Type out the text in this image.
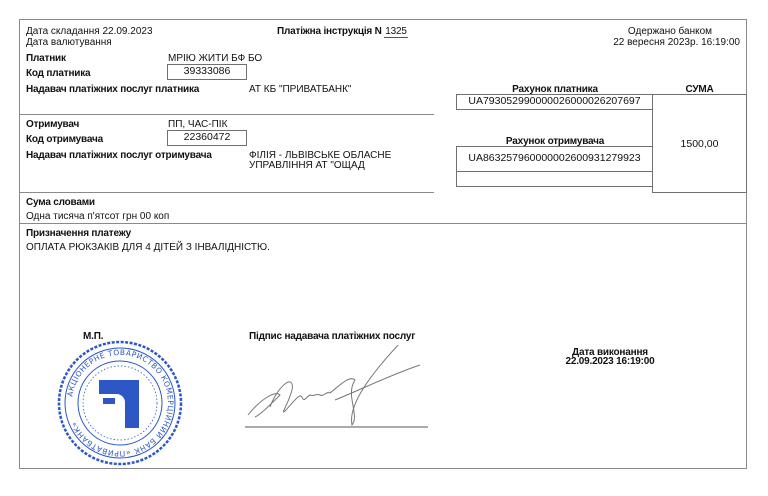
Дата складання 22.09.2023
Дата валютування
Платіжна інструкція N 1325	Одержано банком
22 вересня 2023р. 16:19:00
Платник	МРІЮ ЖИТИ БФ БО
Код платника	39333086
Надавач платіжних послуг платника	АТ КБ "ПРИВАТБАНК"	Рахунок платника
UA793052990000026000026207697
СУМА
1500,00
Отримувач	ПП, ЧАС-ПІК
Код отримувача	22360472
Надавач платіжних послуг отримувача	ФІЛІЯ - ЛЬВІВСЬКЕ ОБЛАСНЕ
УПРАВЛІННЯ АТ "ОЩАД
Рахунок отримувача
UA863257960000002600931279923
Сума словами
Одна тисяча п'ятсот грн 00 коп
Призначення платежу
ОПЛАТА РЮКЗАКІВ ДЛЯ 4 ДІТЕЙ З ІНВАЛІДНІСТЮ.
М.П.	Підпис надавача платіжних послуг
Дата виконання
22.09.2023 16:19:00
АКЦІОНЕРНЕ ТОВАРИСТВО КОМЕРЦІЙНИЙ БАНК «ПРИВАТБАНК»
